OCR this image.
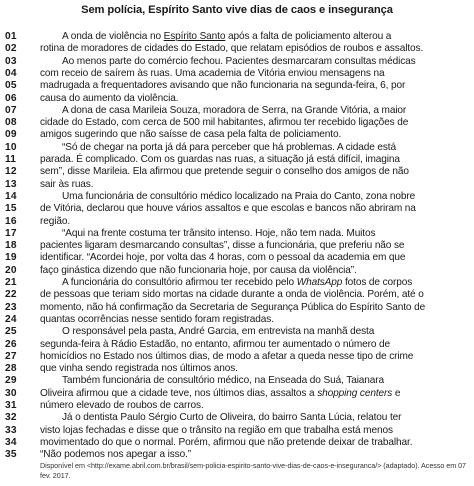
Sem polícia, Espírito Santo vive dias de caos e insegurança
01	A onda de violência no Espírito Santo após a falta de policiamento alterou a
02	rotina de moradores de cidades do Estado, que relatam episódios de roubos e assaltos.
03	Ao menos parte do comércio fechou. Pacientes desmarcaram consultas médicas
04	com receio de saírem às ruas. Uma academia de Vitória enviou mensagens na
05	madrugada a frequentadores avisando que não funcionaria na segunda-feira, 6, por
06	causa do aumento da violência.
07	A dona de casa Marileia Souza, moradora de Serra, na Grande Vitória, a maior
08	cidade do Estado, com cerca de 500 mil habitantes, afirmou ter recebido ligações de
09	amigos sugerindo que não saísse de casa pela falta de policiamento.
10	“Só de chegar na porta já dá para perceber que há problemas. A cidade está
11	parada. É complicado. Com os guardas nas ruas, a situação já está difícil, imagina
12	sem”, disse Marileia. Ela afirmou que pretende seguir o conselho dos amigos de não
13	sair às ruas.
14	Uma funcionária de consultório médico localizado na Praia do Canto, zona nobre
15	de Vitória, declarou que houve vários assaltos e que escolas e bancos não abriram na
16	região.
17	“Aqui na frente costuma ter trânsito intenso. Hoje, não tem nada. Muitos
18	pacientes ligaram desmarcando consultas”, disse a funcionária, que preferiu não se
19	identificar. “Acordei hoje, por volta das 4 horas, com o pessoal da academia em que
20	faço ginástica dizendo que não funcionaria hoje, por causa da violência”.
21	A funcionária do consultório afirmou ter recebido pelo WhatsApp fotos de corpos
22	de pessoas que teriam sido mortas na cidade durante a onda de violência. Porém, até o
23	momento, não há confirmação da Secretaria de Segurança Pública do Espírito Santo de
24	quantas ocorrências nesse sentido foram registradas.
25	O responsável pela pasta, André Garcia, em entrevista na manhã desta
26	segunda-feira à Rádio Estadão, no entanto, afirmou ter aumentado o número de
27	homicídios no Estado nos últimos dias, de modo a afetar a queda nesse tipo de crime
28	que vinha sendo registrada nos últimos anos.
29	Também funcionária de consultório médico, na Enseada do Suá, Taianara
30	Oliveira afirmou que a cidade teve, nos últimos dias, assaltos a shopping centers e
31	número elevado de roubos de carros.
32	Já o dentista Paulo Sérgio Curto de Oliveira, do bairro Santa Lúcia, relatou ter
33	visto lojas fechadas e disse que o trânsito na região em que trabalha está menos
34	movimentado do que o normal. Porém, afirmou que não pretende deixar de trabalhar.
35	“Não podemos nos apegar a isso.”
Disponível em <http://exame.abril.com.br/brasil/sem-policia-espirito-santo-vive-dias-de-caos-e-inseguranca/> (adaptado). Acesso em 07 fev. 2017.
